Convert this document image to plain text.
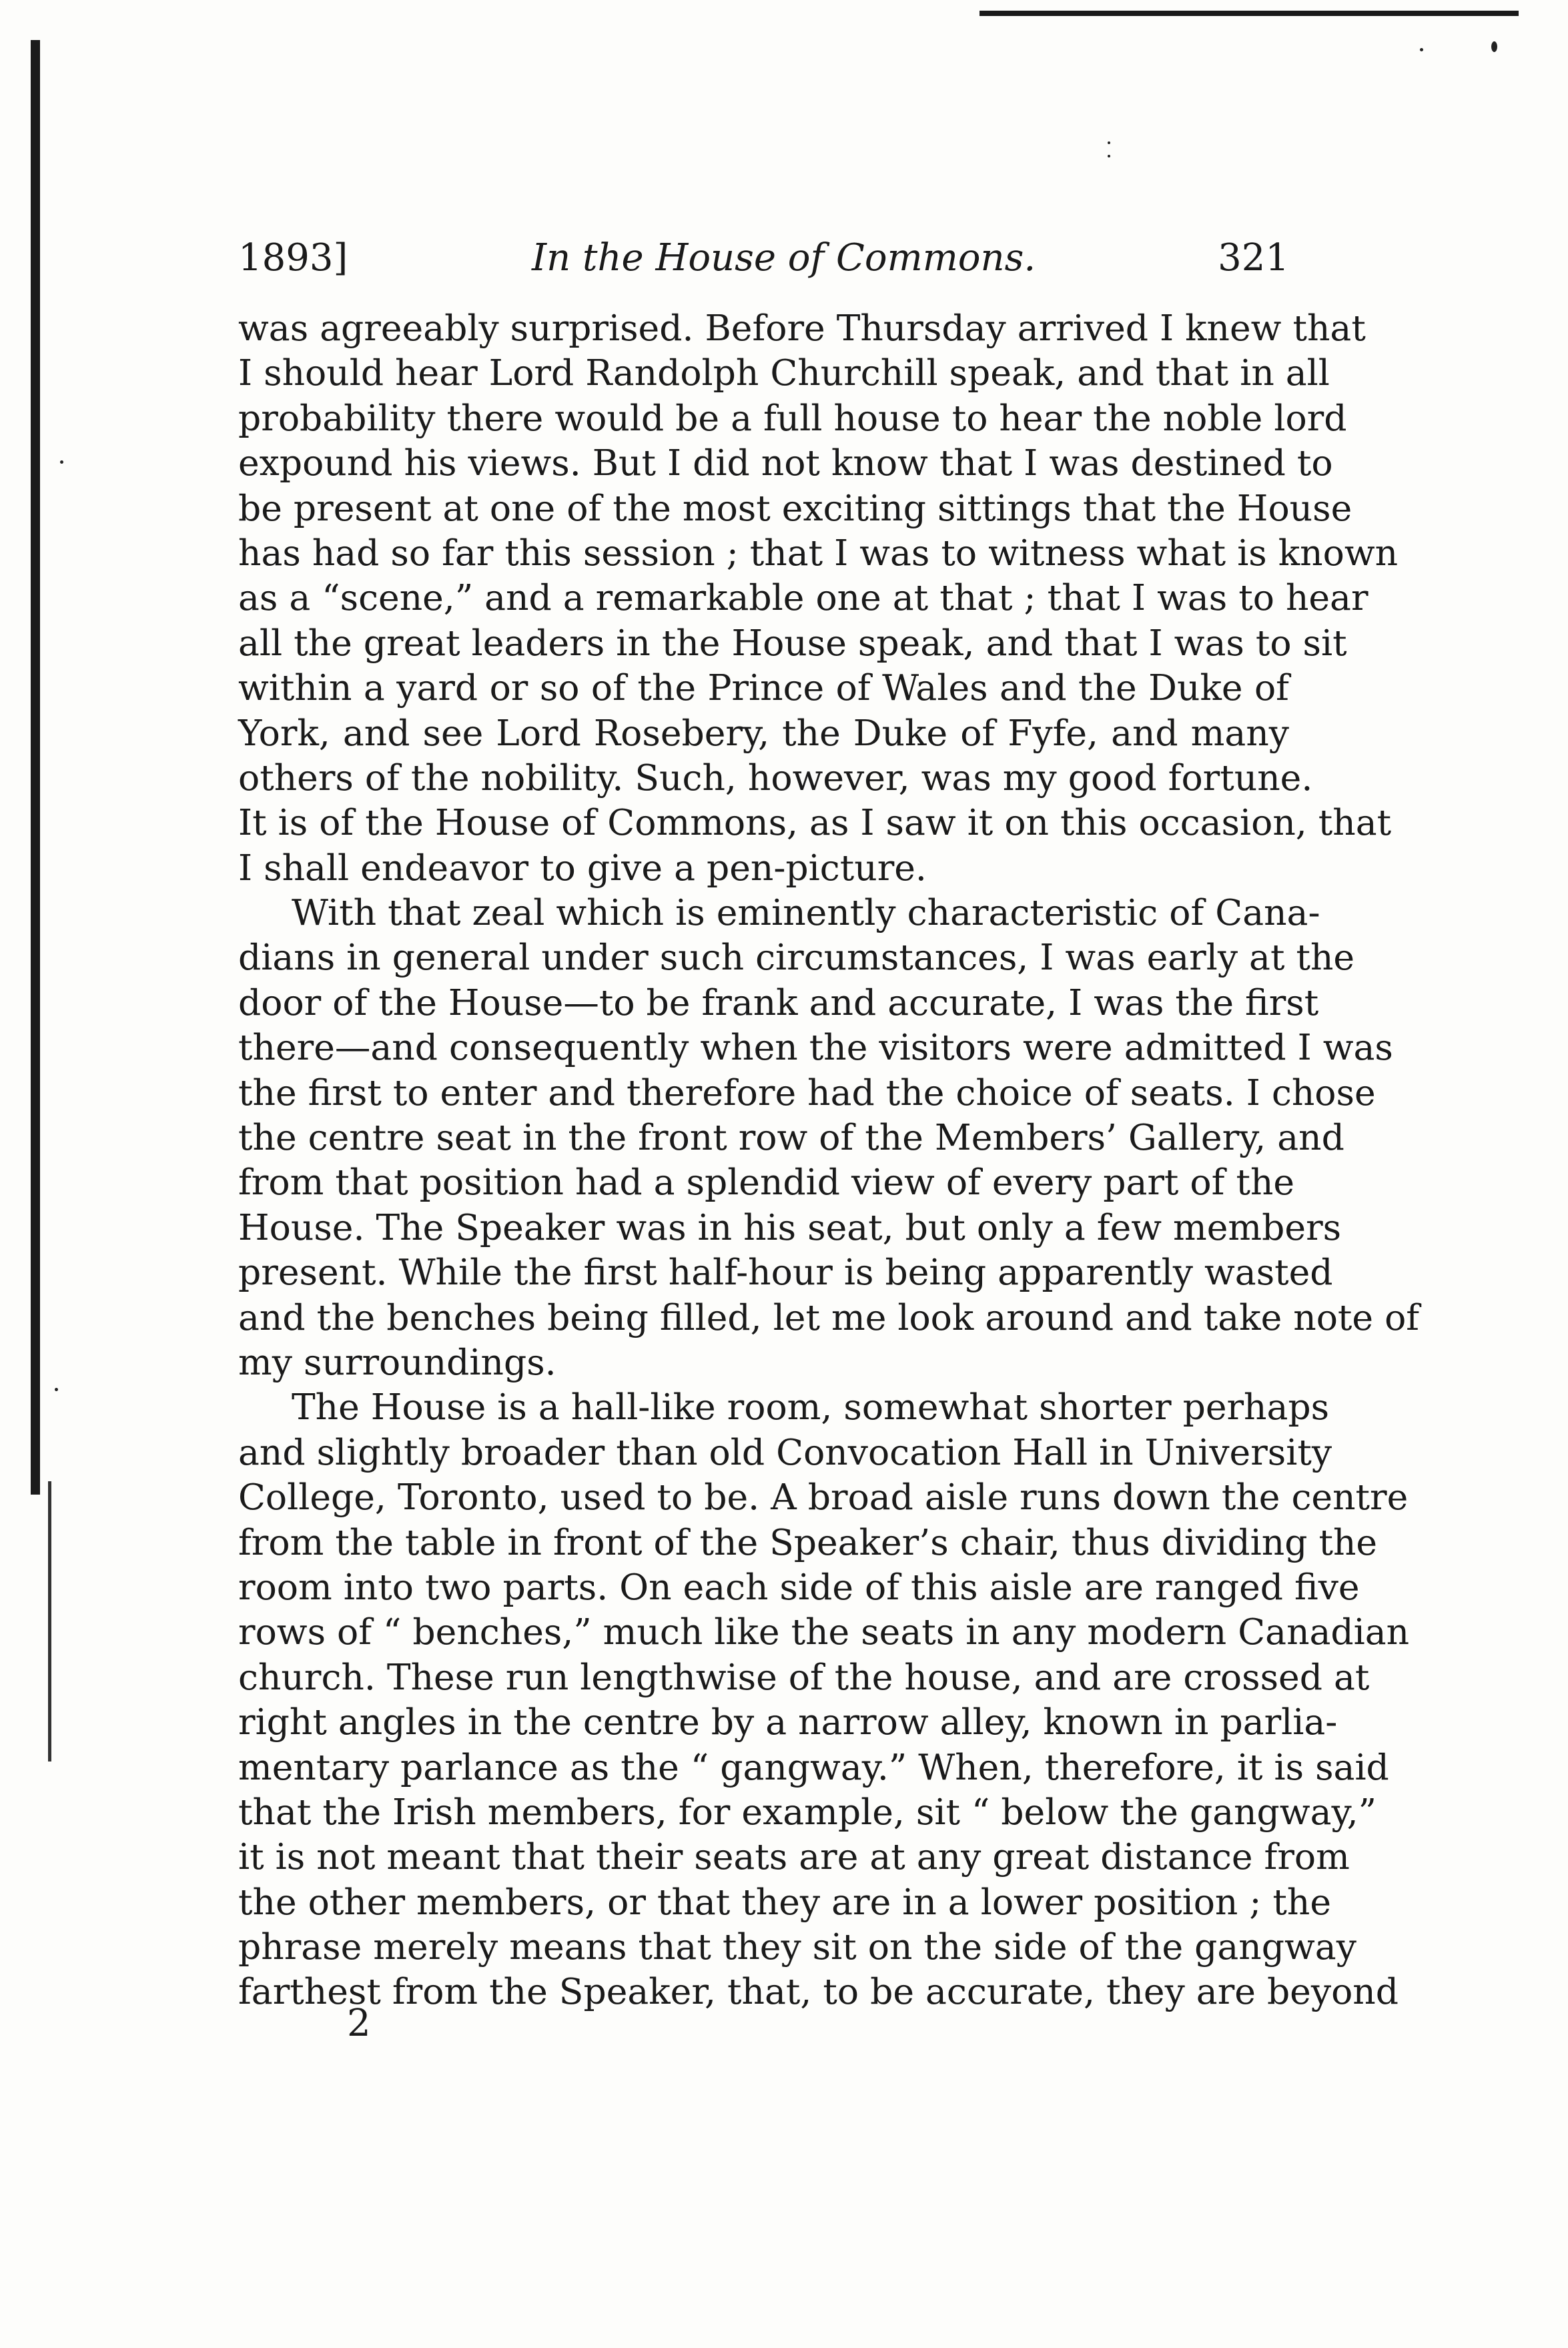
1893]	In the House of Commons.	321
was agreeably surprised. Before Thursday arrived I knew that
I should hear Lord Randolph Churchill speak, and that in all
probability there would be a full house to hear the noble lord
expound his views. But I did not know that I was destined to
be present at one of the most exciting sittings that the House
has had so far this session ; that I was to witness what is known
as a “scene,” and a remarkable one at that ; that I was to hear
all the great leaders in the House speak, and that I was to sit
within a yard or so of the Prince of Wales and the Duke of
York, and see Lord Rosebery, the Duke of Fyfe, and many
others of the nobility. Such, however, was my good fortune.
It is of the House of Commons, as I saw it on this occasion, that
I shall endeavor to give a pen-picture.
With that zeal which is eminently characteristic of Cana-
dians in general under such circumstances, I was early at the
door of the House—to be frank and accurate, I was the first
there—and consequently when the visitors were admitted I was
the first to enter and therefore had the choice of seats. I chose
the centre seat in the front row of the Members’ Gallery, and
from that position had a splendid view of every part of the
House. The Speaker was in his seat, but only a few members
present. While the first half-hour is being apparently wasted
and the benches being filled, let me look around and take note of
my surroundings.
The House is a hall-like room, somewhat shorter perhaps
and slightly broader than old Convocation Hall in University
College, Toronto, used to be. A broad aisle runs down the centre
from the table in front of the Speaker’s chair, thus dividing the
room into two parts. On each side of this aisle are ranged five
rows of “ benches,” much like the seats in any modern Canadian
church. These run lengthwise of the house, and are crossed at
right angles in the centre by a narrow alley, known in parlia-
mentary parlance as the “ gangway.” When, therefore, it is said
that the Irish members, for example, sit “ below the gangway,”
it is not meant that their seats are at any great distance from
the other members, or that they are in a lower position ; the
phrase merely means that they sit on the side of the gangway
farthest from the Speaker, that, to be accurate, they are beyond
2
